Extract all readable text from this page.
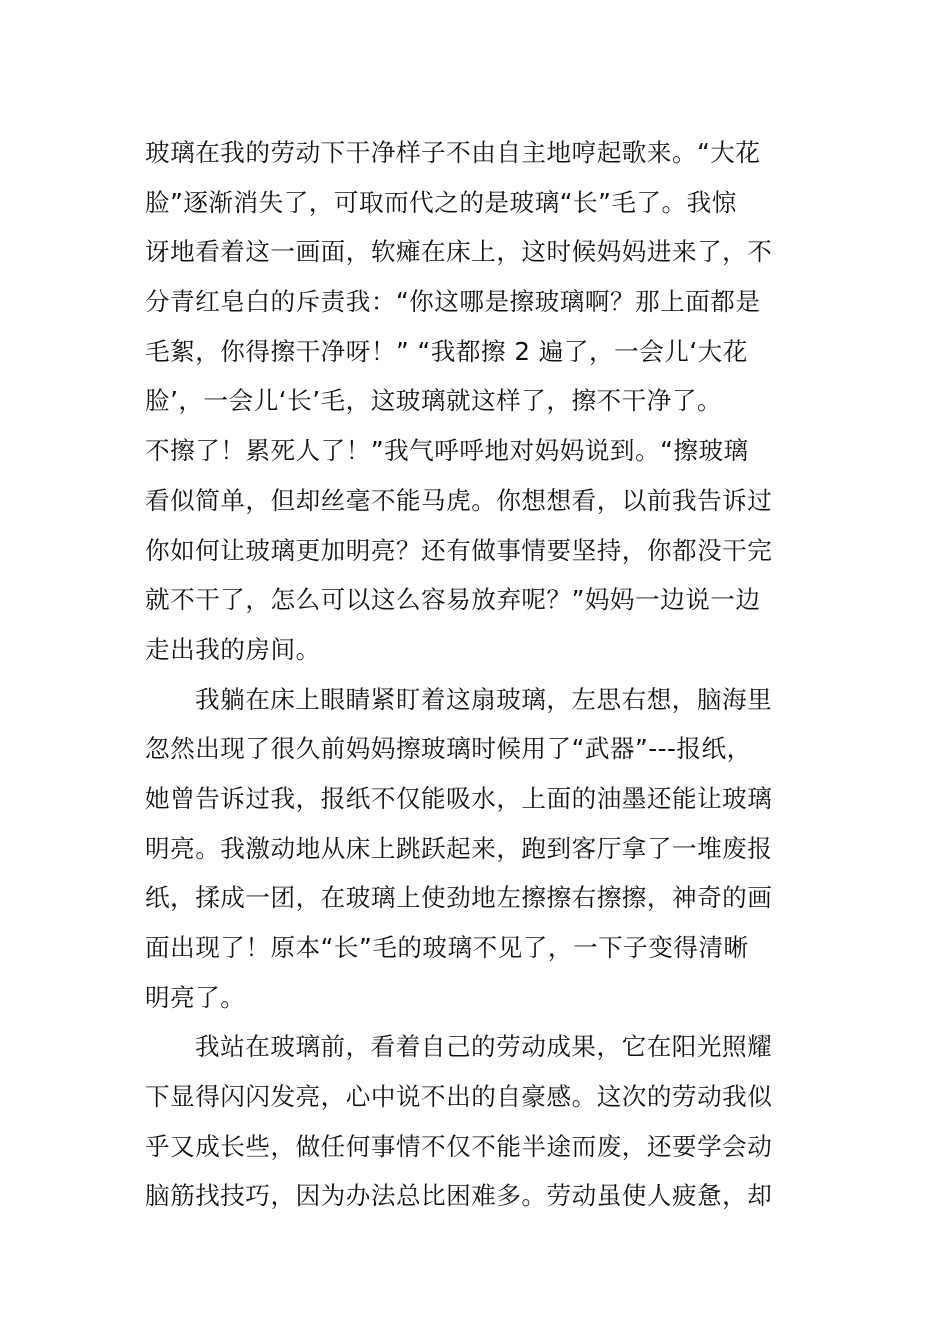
玻璃在我的劳动下干净样子不由自主地哼起歌来。“大花
脸”逐渐消失了，可取而代之的是玻璃“长”毛了。我惊
讶地看着这一画面，软瘫在床上，这时候妈妈进来了，不
分青红皂白的斥责我：“你这哪是擦玻璃啊？那上面都是
毛絮，你得擦干净呀！” “我都擦 2 遍了，一会儿‘大花
脸’，一会儿‘长’毛，这玻璃就这样了，擦不干净了。
不擦了！累死人了！”我气呼呼地对妈妈说到。“擦玻璃
看似简单，但却丝毫不能马虎。你想想看，以前我告诉过
你如何让玻璃更加明亮？还有做事情要坚持，你都没干完
就不干了，怎么可以这么容易放弃呢？”妈妈一边说一边
走出我的房间。
我躺在床上眼睛紧盯着这扇玻璃，左思右想，脑海里
忽然出现了很久前妈妈擦玻璃时候用了“武器”---报纸，
她曾告诉过我，报纸不仅能吸水，上面的油墨还能让玻璃
明亮。我激动地从床上跳跃起来，跑到客厅拿了一堆废报
纸，揉成一团，在玻璃上使劲地左擦擦右擦擦，神奇的画
面出现了！原本“长”毛的玻璃不见了，一下子变得清晰
明亮了。
我站在玻璃前，看着自己的劳动成果，它在阳光照耀
下显得闪闪发亮，心中说不出的自豪感。这次的劳动我似
乎又成长些，做任何事情不仅不能半途而废，还要学会动
脑筋找技巧，因为办法总比困难多。劳动虽使人疲惫，却
